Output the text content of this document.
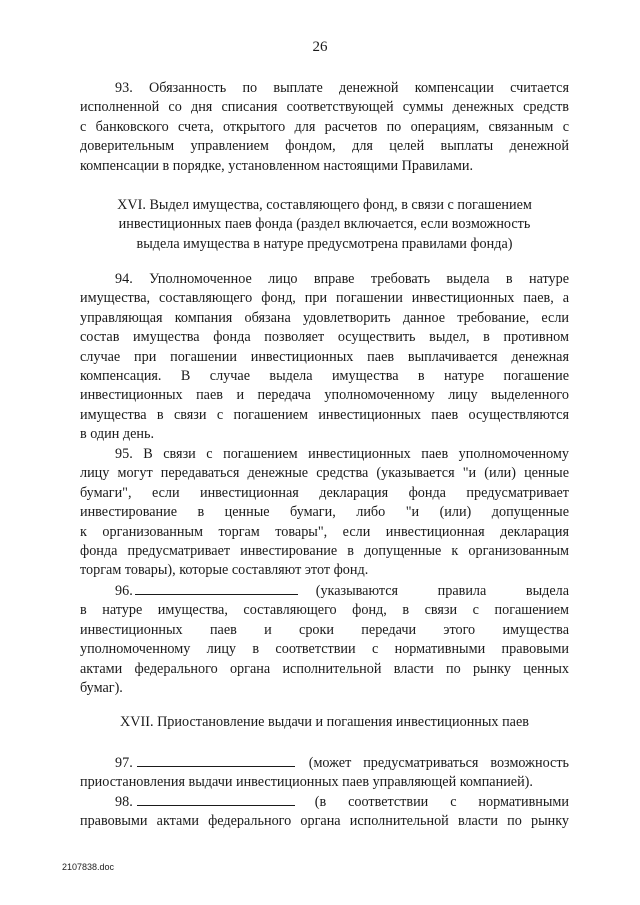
26
93. Обязанность по выплате денежной компенсации считается
исполненной со дня списания соответствующей суммы денежных средств
с банковского счета, открытого для расчетов по операциям, связанным с
доверительным управлением фондом, для целей выплаты денежной
компенсации в порядке, установленном настоящими Правилами.
XVI. Выдел имущества, составляющего фонд, в связи с погашением
инвестиционных паев фонда (раздел включается, если возможность
выдела имущества в натуре предусмотрена правилами фонда)
94. Уполномоченное лицо вправе требовать выдела в натуре
имущества, составляющего фонд, при погашении инвестиционных паев, а
управляющая компания обязана удовлетворить данное требование, если
состав имущества фонда позволяет осуществить выдел, в противном
случае при погашении инвестиционных паев выплачивается денежная
компенсация. В случае выдела имущества в натуре погашение
инвестиционных паев и передача уполномоченному лицу выделенного
имущества в связи с погашением инвестиционных паев осуществляются
в один день.
95. В связи с погашением инвестиционных паев уполномоченному
лицу могут передаваться денежные средства (указывается "и (или) ценные
бумаги", если инвестиционная декларация фонда предусматривает
инвестирование в ценные бумаги, либо "и (или) допущенные
к организованным торгам товары", если инвестиционная декларация
фонда предусматривает инвестирование в допущенные к организованным
торгам товары), которые составляют этот фонд.
96.	(указываются правила выдела
в натуре имущества, составляющего фонд, в связи с погашением
инвестиционных паев и сроки передачи этого имущества
уполномоченному лицу в соответствии с нормативными правовыми
актами федерального органа исполнительной власти по рынку ценных
бумаг).
XVII. Приостановление выдачи и погашения инвестиционных паев
97.	(может предусматриваться возможность
приостановления выдачи инвестиционных паев управляющей компанией).
98.	(в соответствии с нормативными
правовыми актами федерального органа исполнительной власти по рынку
2107838.doc
